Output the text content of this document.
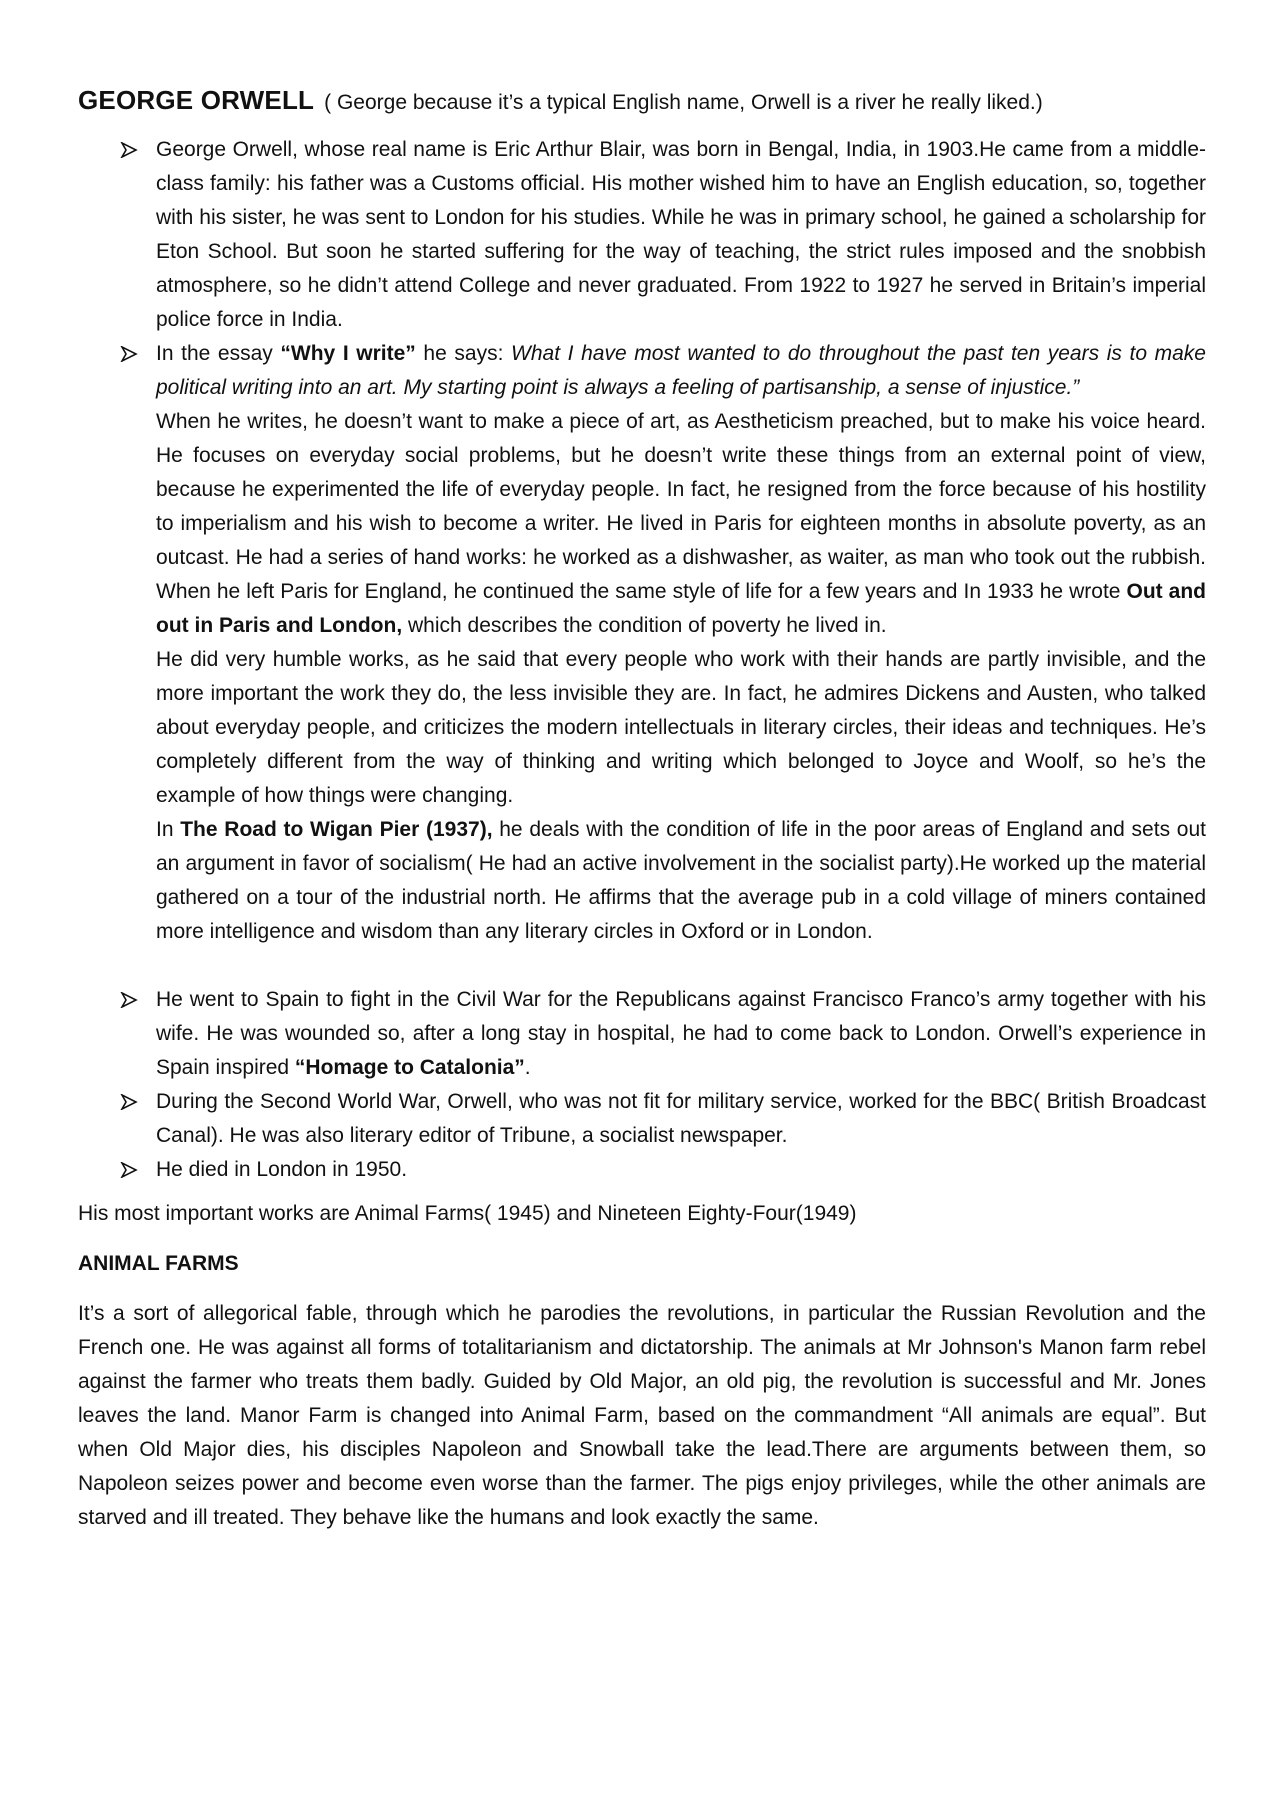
GEORGE ORWELL ( George because it’s a typical English name, Orwell is a river he really liked.)

George Orwell, whose real name is Eric Arthur Blair, was born in Bengal, India, in 1903.He came from a middle-class family: his father was a Customs official. His mother wished him to have an English education, so, together with his sister, he was sent to London for his studies. While he was in primary school, he gained a scholarship for Eton School. But soon he started suffering for the way of teaching, the strict rules imposed and the snobbish atmosphere, so he didn’t attend College and never graduated. From 1922 to 1927 he served in Britain’s imperial police force in India.

In the essay “Why I write” he says: What I have most wanted to do throughout the past ten years is to make political writing into an art. My starting point is always a feeling of partisanship, a sense of injustice.”

When he writes, he doesn’t want to make a piece of art, as Aestheticism preached, but to make his voice heard. He focuses on everyday social problems, but he doesn’t write these things from an external point of view, because he experimented the life of everyday people. In fact, he resigned from the force because of his hostility to imperialism and his wish to become a writer. He lived in Paris for eighteen months in absolute poverty, as an outcast. He had a series of hand works: he worked as a dishwasher, as waiter, as man who took out the rubbish. When he left Paris for England, he continued the same style of life for a few years and In 1933 he wrote Out and out in Paris and London, which describes the condition of poverty he lived in.

He did very humble works, as he said that every people who work with their hands are partly invisible, and the more important the work they do, the less invisible they are. In fact, he admires Dickens and Austen, who talked about everyday people, and criticizes the modern intellectuals in literary circles, their ideas and techniques. He’s completely different from the way of thinking and writing which belonged to Joyce and Woolf, so he’s the example of how things were changing.

In The Road to Wigan Pier (1937), he deals with the condition of life in the poor areas of England and sets out an argument in favor of socialism( He had an active involvement in the socialist party).He worked up the material gathered on a tour of the industrial north. He affirms that the average pub in a cold village of miners contained more intelligence and wisdom than any literary circles in Oxford or in London.

He went to Spain to fight in the Civil War for the Republicans against Francisco Franco’s army together with his wife. He was wounded so, after a long stay in hospital, he had to come back to London. Orwell’s experience in Spain inspired “Homage to Catalonia”.

During the Second World War, Orwell, who was not fit for military service, worked for the BBC( British Broadcast Canal). He was also literary editor of Tribune, a socialist newspaper.

He died in London in 1950.

His most important works are Animal Farms( 1945) and Nineteen Eighty-Four(1949)

ANIMAL FARMS

It’s a sort of allegorical fable, through which he parodies the revolutions, in particular the Russian Revolution and the French one. He was against all forms of totalitarianism and dictatorship. The animals at Mr Johnson's Manon farm rebel against the farmer who treats them badly. Guided by Old Major, an old pig, the revolution is successful and Mr. Jones leaves the land. Manor Farm is changed into Animal Farm, based on the commandment “All animals are equal”. But when Old Major dies, his disciples Napoleon and Snowball take the lead.There are arguments between them, so Napoleon seizes power and become even worse than the farmer. The pigs enjoy privileges, while the other animals are starved and ill treated. They behave like the humans and look exactly the same.
